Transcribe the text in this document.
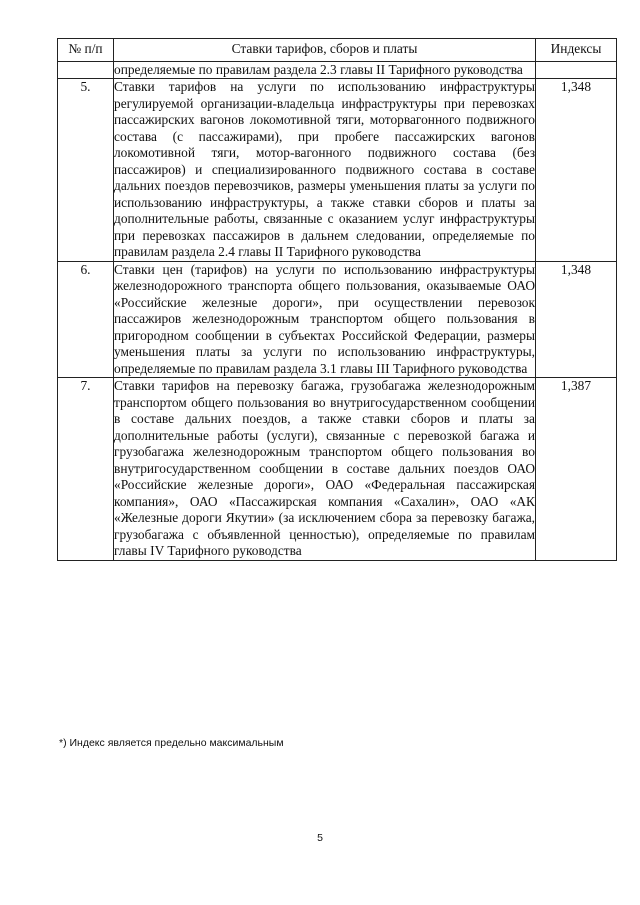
№ п/п	Ставки тарифов, сборов и платы	Индексы

	определяемые по правилам раздела 2.3 главы II Тарифного руководства	

5.	Ставки тарифов на услуги по использованию инфраструктуры регулируемой организации-владельца инфраструктуры при перевозках пассажирских вагонов локомотивной тяги, моторвагонного подвижного состава (с пассажирами), при пробеге пассажирских вагонов локомотивной тяги, мотор-вагонного подвижного состава (без пассажиров) и специализированного подвижного состава в составе дальних поездов перевозчиков, размеры уменьшения платы за услуги по использованию инфраструктуры, а также ставки сборов и платы за дополнительные работы, связанные с оказанием услуг инфраструктуры при перевозках пассажиров в дальнем следовании, определяемые по правилам раздела 2.4 главы II Тарифного руководства	1,348
6.	Ставки цен (тарифов) на услуги по использованию инфраструктуры железнодорожного транспорта общего пользования, оказываемые ОАО «Российские железные дороги», при осуществлении перевозок пассажиров железнодорожным транспортом общего пользования в пригородном сообщении в субъектах Российской Федерации, размеры уменьшения платы за услуги по использованию инфраструктуры, определяемые по правилам раздела 3.1 главы III Тарифного руководства	1,348
7.	Ставки тарифов на перевозку багажа, грузобагажа железнодорожным транспортом общего пользования во внутригосударственном сообщении в составе дальних поездов, а также ставки сборов и платы за дополнительные работы (услуги), связанные с перевозкой багажа и грузобагажа железнодорожным транспортом общего пользования во внутригосударственном сообщении в составе дальних поездов ОАО «Российские железные дороги», ОАО «Федеральная пассажирская компания», ОАО «Пассажирская компания «Сахалин», ОАО «АК «Железные дороги Якутии» (за исключением сбора за перевозку багажа, грузобагажа с объявленной ценностью), определяемые по правилам главы IV Тарифного руководства	1,387
*) Индекс является предельно максимальным
5
